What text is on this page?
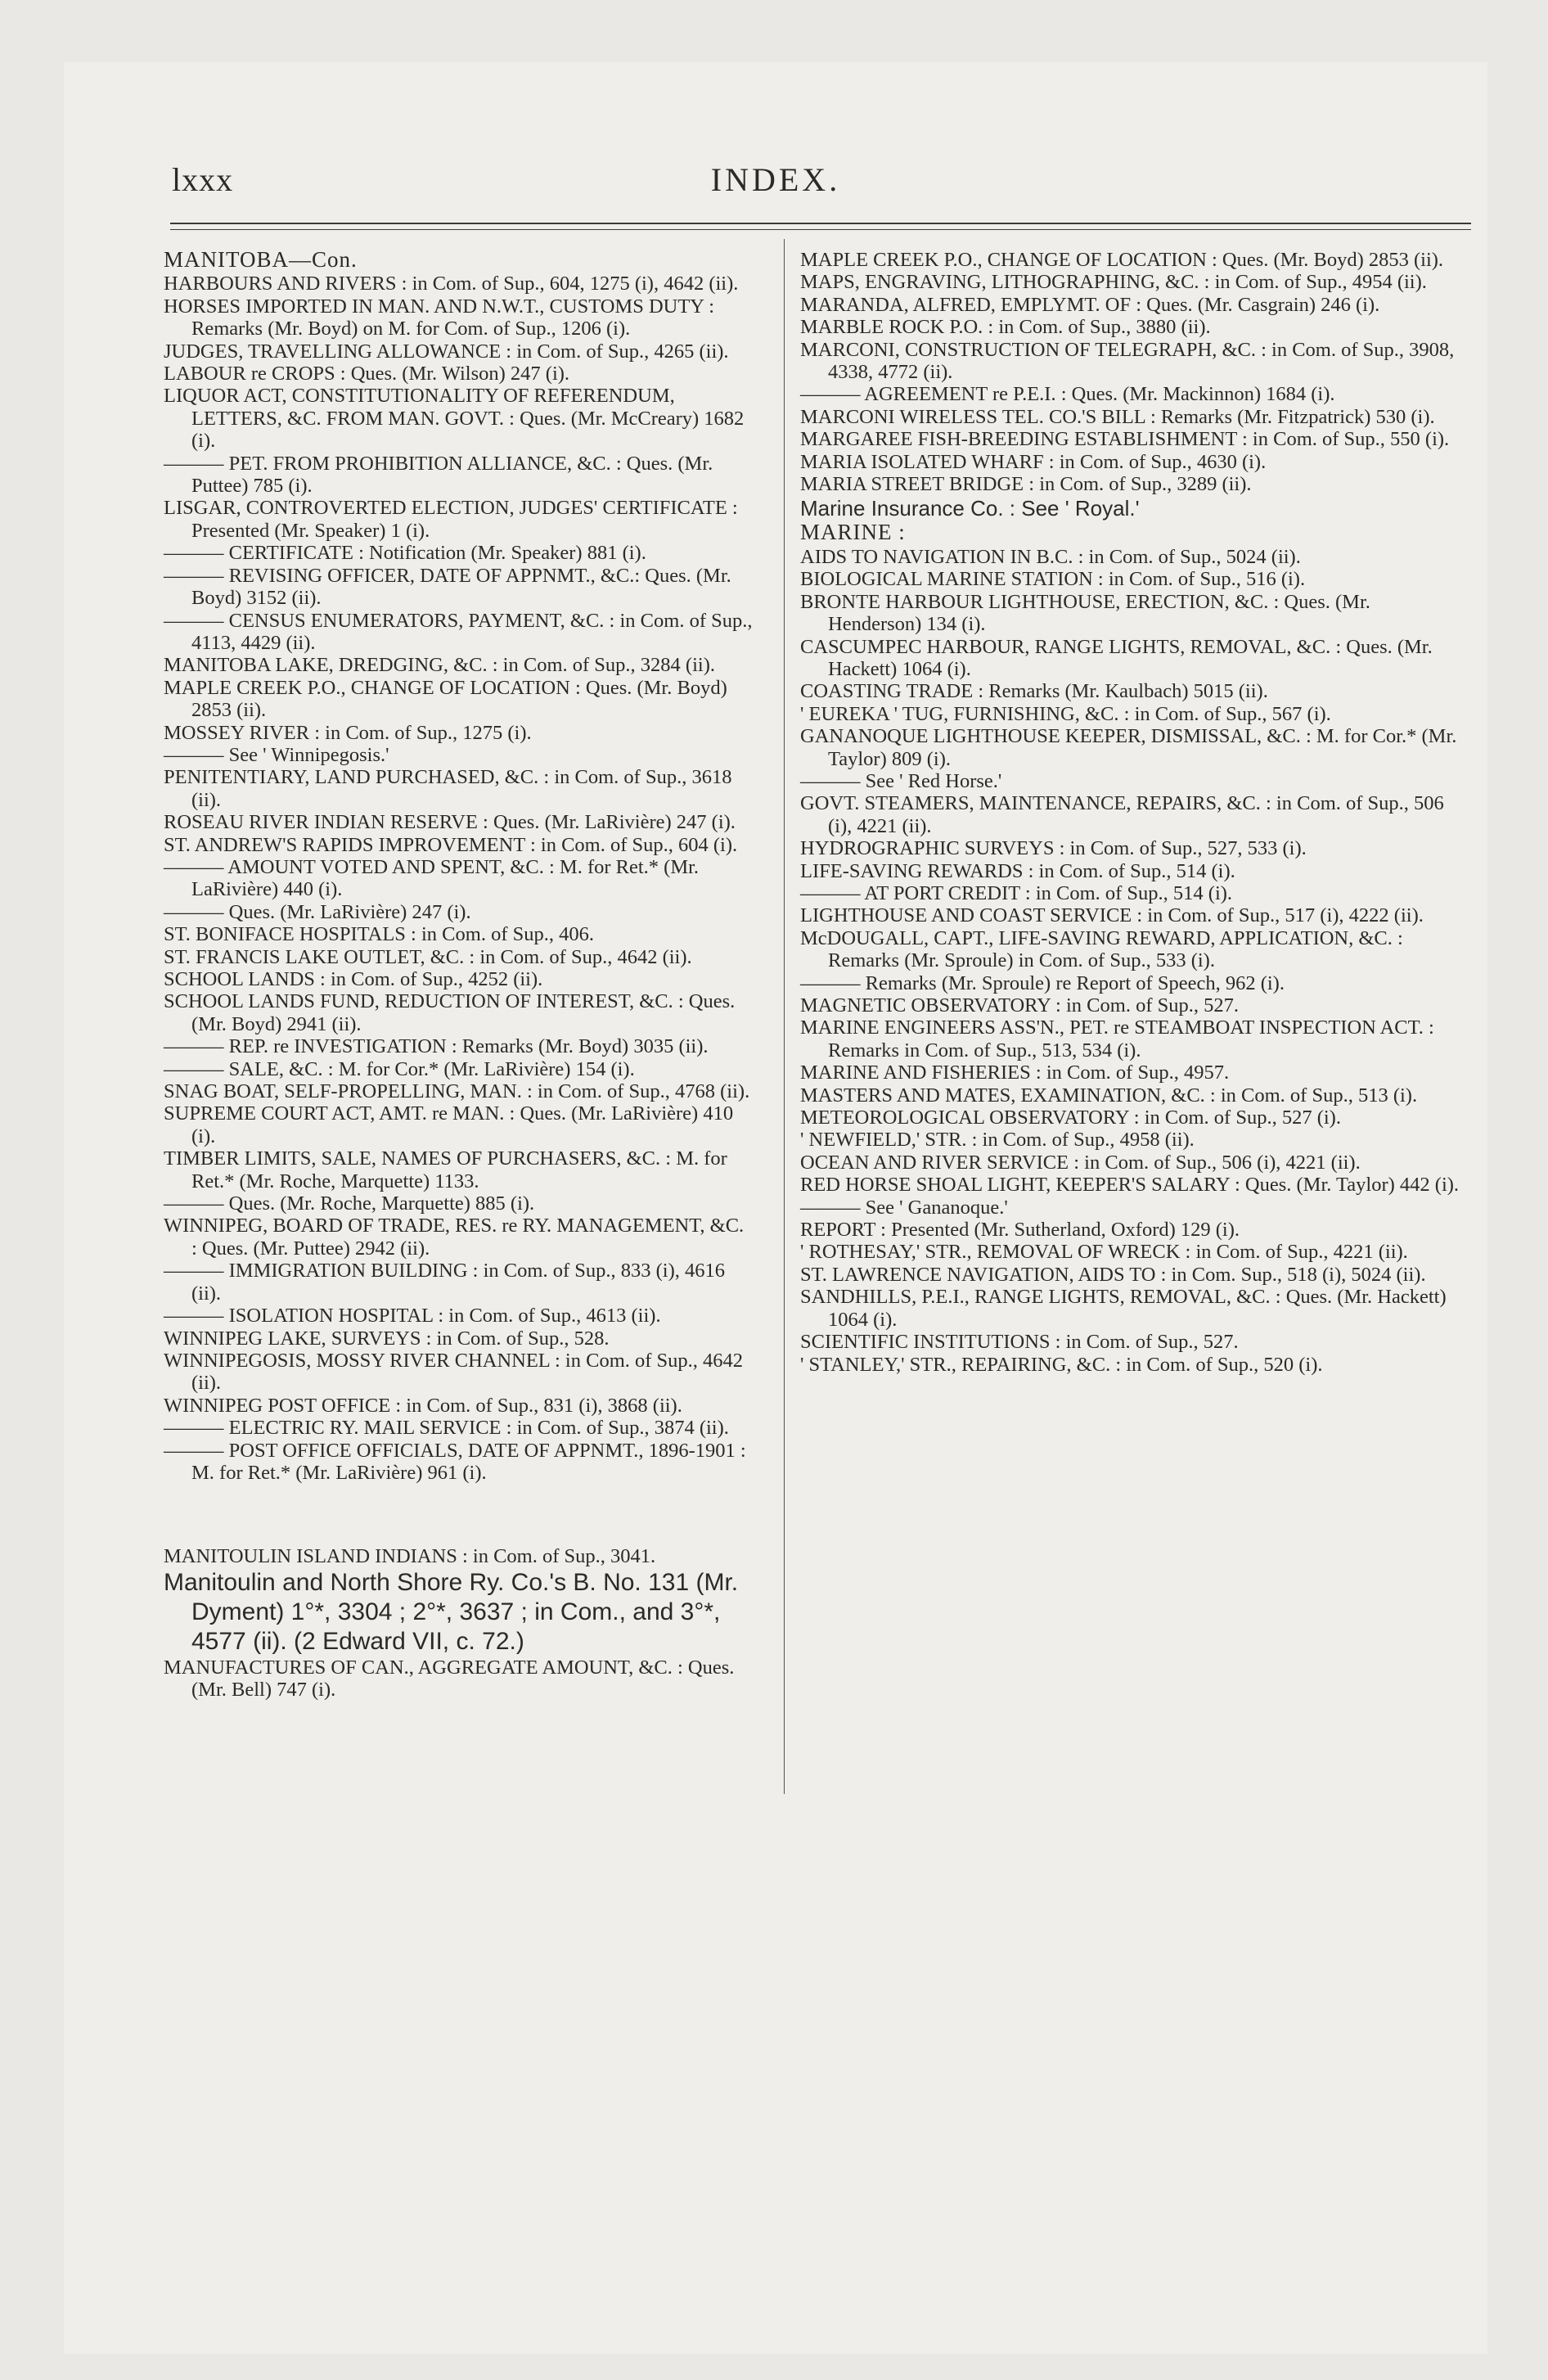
lxxx	INDEX.

MANITOBA—Con.

HARBOURS AND RIVERS : in Com. of Sup., 604, 1275 (i), 4642 (ii).

HORSES IMPORTED IN MAN. AND N.W.T., CUSTOMS DUTY : Remarks (Mr. Boyd) on M. for Com. of Sup., 1206 (i).

JUDGES, TRAVELLING ALLOWANCE : in Com. of Sup., 4265 (ii).

LABOUR re CROPS : Ques. (Mr. Wilson) 247 (i).

LIQUOR ACT, CONSTITUTIONALITY OF REFERENDUM, LETTERS, &C. FROM MAN. GOVT. : Ques. (Mr. McCreary) 1682 (i).

——— PET. FROM PROHIBITION ALLIANCE, &C. : Ques. (Mr. Puttee) 785 (i).

LISGAR, CONTROVERTED ELECTION, JUDGES' CERTIFICATE : Presented (Mr. Speaker) 1 (i).

——— CERTIFICATE : Notification (Mr. Speaker) 881 (i).

——— REVISING OFFICER, DATE OF APPNMT., &C.: Ques. (Mr. Boyd) 3152 (ii).

——— CENSUS ENUMERATORS, PAYMENT, &C. : in Com. of Sup., 4113, 4429 (ii).

MANITOBA LAKE, DREDGING, &C. : in Com. of Sup., 3284 (ii).

MAPLE CREEK P.O., CHANGE OF LOCATION : Ques. (Mr. Boyd) 2853 (ii).

MOSSEY RIVER : in Com. of Sup., 1275 (i).

——— See ' Winnipegosis.'

PENITENTIARY, LAND PURCHASED, &C. : in Com. of Sup., 3618 (ii).

ROSEAU RIVER INDIAN RESERVE : Ques. (Mr. LaRivière) 247 (i).

ST. ANDREW'S RAPIDS IMPROVEMENT : in Com. of Sup., 604 (i).

——— AMOUNT VOTED AND SPENT, &C. : M. for Ret.* (Mr. LaRivière) 440 (i).

——— Ques. (Mr. LaRivière) 247 (i).

ST. BONIFACE HOSPITALS : in Com. of Sup., 406.

ST. FRANCIS LAKE OUTLET, &C. : in Com. of Sup., 4642 (ii).

SCHOOL LANDS : in Com. of Sup., 4252 (ii).

SCHOOL LANDS FUND, REDUCTION OF INTEREST, &C. : Ques. (Mr. Boyd) 2941 (ii).

——— REP. re INVESTIGATION : Remarks (Mr. Boyd) 3035 (ii).

——— SALE, &C. : M. for Cor.* (Mr. LaRivière) 154 (i).

SNAG BOAT, SELF-PROPELLING, MAN. : in Com. of Sup., 4768 (ii).

SUPREME COURT ACT, AMT. re MAN. : Ques. (Mr. LaRivière) 410 (i).

TIMBER LIMITS, SALE, NAMES OF PURCHASERS, &C. : M. for Ret.* (Mr. Roche, Marquette) 1133.

——— Ques. (Mr. Roche, Marquette) 885 (i).

WINNIPEG, BOARD OF TRADE, RES. re RY. MANAGEMENT, &C. : Ques. (Mr. Puttee) 2942 (ii).

——— IMMIGRATION BUILDING : in Com. of Sup., 833 (i), 4616 (ii).

——— ISOLATION HOSPITAL : in Com. of Sup., 4613 (ii).

WINNIPEG LAKE, SURVEYS : in Com. of Sup., 528.

WINNIPEGOSIS, MOSSY RIVER CHANNEL : in Com. of Sup., 4642 (ii).

WINNIPEG POST OFFICE : in Com. of Sup., 831 (i), 3868 (ii).

——— ELECTRIC RY. MAIL SERVICE : in Com. of Sup., 3874 (ii).

——— POST OFFICE OFFICIALS, DATE OF APPNMT., 1896-1901 : M. for Ret.* (Mr. LaRivière) 961 (i).

MANITOULIN ISLAND INDIANS : in Com. of Sup., 3041.

Manitoulin and North Shore Ry. Co.'s B. No. 131 (Mr. Dyment) 1°*, 3304 ; 2°*, 3637 ; in Com., and 3°*, 4577 (ii). (2 Edward VII, c. 72.)

MANUFACTURES OF CAN., AGGREGATE AMOUNT, &C. : Ques. (Mr. Bell) 747 (i).

MAPLE CREEK P.O., CHANGE OF LOCATION : Ques. (Mr. Boyd) 2853 (ii).

MAPS, ENGRAVING, LITHOGRAPHING, &C. : in Com. of Sup., 4954 (ii).

MARANDA, ALFRED, EMPLYMT. OF : Ques. (Mr. Casgrain) 246 (i).

MARBLE ROCK P.O. : in Com. of Sup., 3880 (ii).

MARCONI, CONSTRUCTION OF TELEGRAPH, &C. : in Com. of Sup., 3908, 4338, 4772 (ii).

——— AGREEMENT re P.E.I. : Ques. (Mr. Mackinnon) 1684 (i).

MARCONI WIRELESS TEL. CO.'S BILL : Remarks (Mr. Fitzpatrick) 530 (i).

MARGAREE FISH-BREEDING ESTABLISHMENT : in Com. of Sup., 550 (i).

MARIA ISOLATED WHARF : in Com. of Sup., 4630 (i).

MARIA STREET BRIDGE : in Com. of Sup., 3289 (ii).

Marine Insurance Co. : See ' Royal.'

MARINE :

AIDS TO NAVIGATION IN B.C. : in Com. of Sup., 5024 (ii).

BIOLOGICAL MARINE STATION : in Com. of Sup., 516 (i).

BRONTE HARBOUR LIGHTHOUSE, ERECTION, &C. : Ques. (Mr. Henderson) 134 (i).

CASCUMPEC HARBOUR, RANGE LIGHTS, REMOVAL, &C. : Ques. (Mr. Hackett) 1064 (i).

COASTING TRADE : Remarks (Mr. Kaulbach) 5015 (ii).

' EUREKA ' TUG, FURNISHING, &C. : in Com. of Sup., 567 (i).

GANANOQUE LIGHTHOUSE KEEPER, DISMISSAL, &C. : M. for Cor.* (Mr. Taylor) 809 (i).

——— See ' Red Horse.'

GOVT. STEAMERS, MAINTENANCE, REPAIRS, &C. : in Com. of Sup., 506 (i), 4221 (ii).

HYDROGRAPHIC SURVEYS : in Com. of Sup., 527, 533 (i).

LIFE-SAVING REWARDS : in Com. of Sup., 514 (i).

——— AT PORT CREDIT : in Com. of Sup., 514 (i).

LIGHTHOUSE AND COAST SERVICE : in Com. of Sup., 517 (i), 4222 (ii).

McDOUGALL, CAPT., LIFE-SAVING REWARD, APPLICATION, &C. : Remarks (Mr. Sproule) in Com. of Sup., 533 (i).

——— Remarks (Mr. Sproule) re Report of Speech, 962 (i).

MAGNETIC OBSERVATORY : in Com. of Sup., 527.

MARINE ENGINEERS ASS'N., PET. re STEAMBOAT INSPECTION ACT. : Remarks in Com. of Sup., 513, 534 (i).

MARINE AND FISHERIES : in Com. of Sup., 4957.

MASTERS AND MATES, EXAMINATION, &C. : in Com. of Sup., 513 (i).

METEOROLOGICAL OBSERVATORY : in Com. of Sup., 527 (i).

' NEWFIELD,' STR. : in Com. of Sup., 4958 (ii).

OCEAN AND RIVER SERVICE : in Com. of Sup., 506 (i), 4221 (ii).

RED HORSE SHOAL LIGHT, KEEPER'S SALARY : Ques. (Mr. Taylor) 442 (i).

——— See ' Gananoque.'

REPORT : Presented (Mr. Sutherland, Oxford) 129 (i).

' ROTHESAY,' STR., REMOVAL OF WRECK : in Com. of Sup., 4221 (ii).

ST. LAWRENCE NAVIGATION, AIDS TO : in Com. Sup., 518 (i), 5024 (ii).

SANDHILLS, P.E.I., RANGE LIGHTS, REMOVAL, &C. : Ques. (Mr. Hackett) 1064 (i).

SCIENTIFIC INSTITUTIONS : in Com. of Sup., 527.

' STANLEY,' STR., REPAIRING, &C. : in Com. of Sup., 520 (i).
